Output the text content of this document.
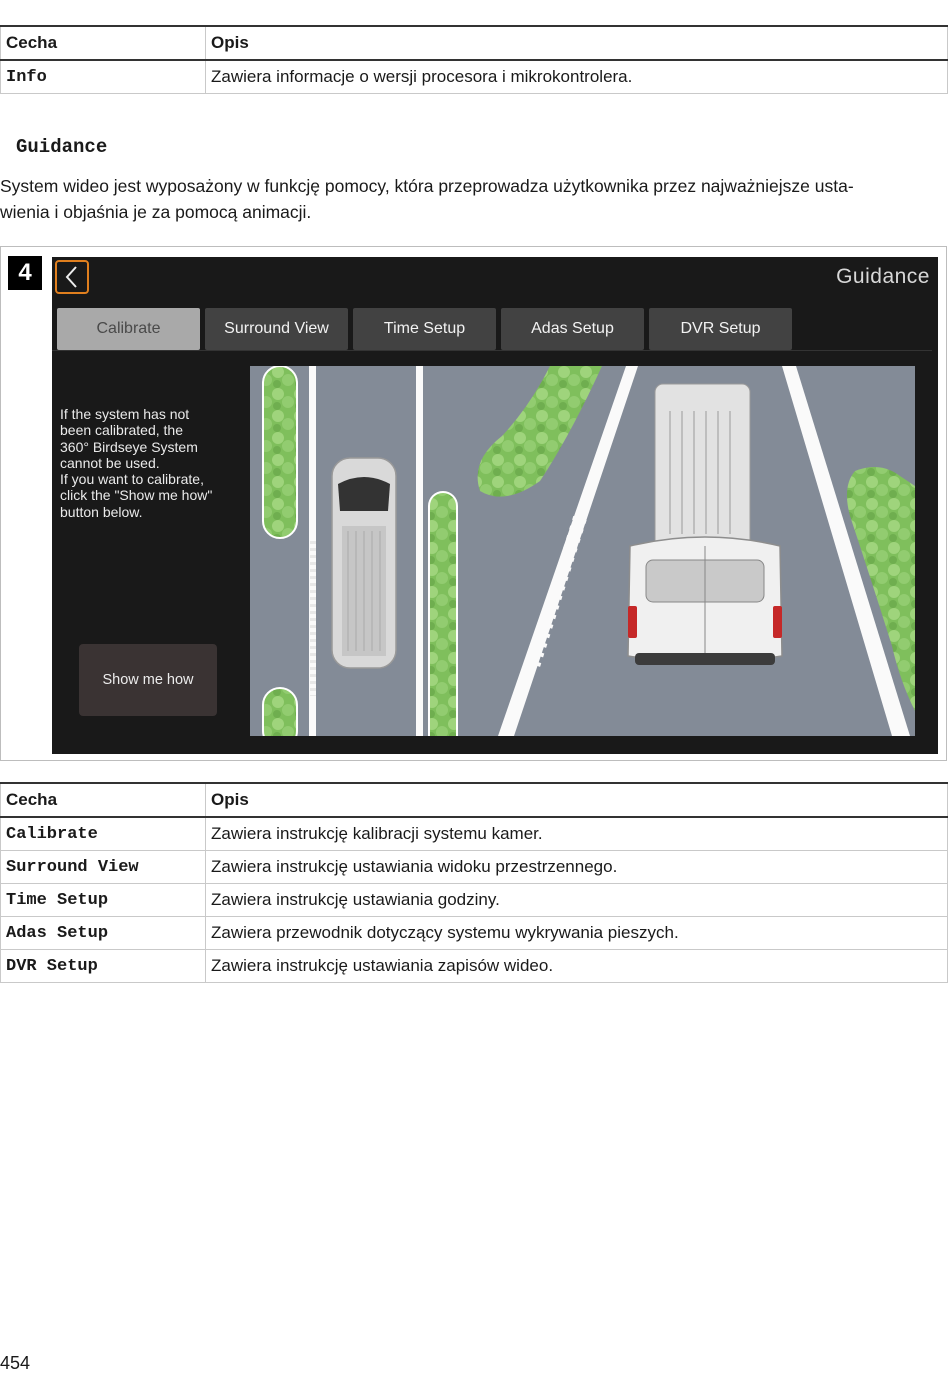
Cecha	Opis
Info	Zawiera informacje o wersji procesora i mikrokontrolera.
Guidance

System wideo jest wyposażony w funkcję pomocy, która przeprowadza użytkownika przez najważniejsze usta-
wienia i objaśnia je za pomocą animacji.

4	Guidance
Calibrate	Surround View	Time Setup	Adas Setup	DVR Setup

If the system has not
been calibrated, the
360° Birdseye System
cannot be used.
If you want to calibrate,
click the "Show me how"
button below.

Show me how
Cecha	Opis
Calibrate	Zawiera instrukcję kalibracji systemu kamer.
Surround View	Zawiera instrukcję ustawiania widoku przestrzennego.
Time Setup	Zawiera instrukcję ustawiania godziny.
Adas Setup	Zawiera przewodnik dotyczący systemu wykrywania pieszych.
DVR Setup	Zawiera instrukcję ustawiania zapisów wideo.

454
